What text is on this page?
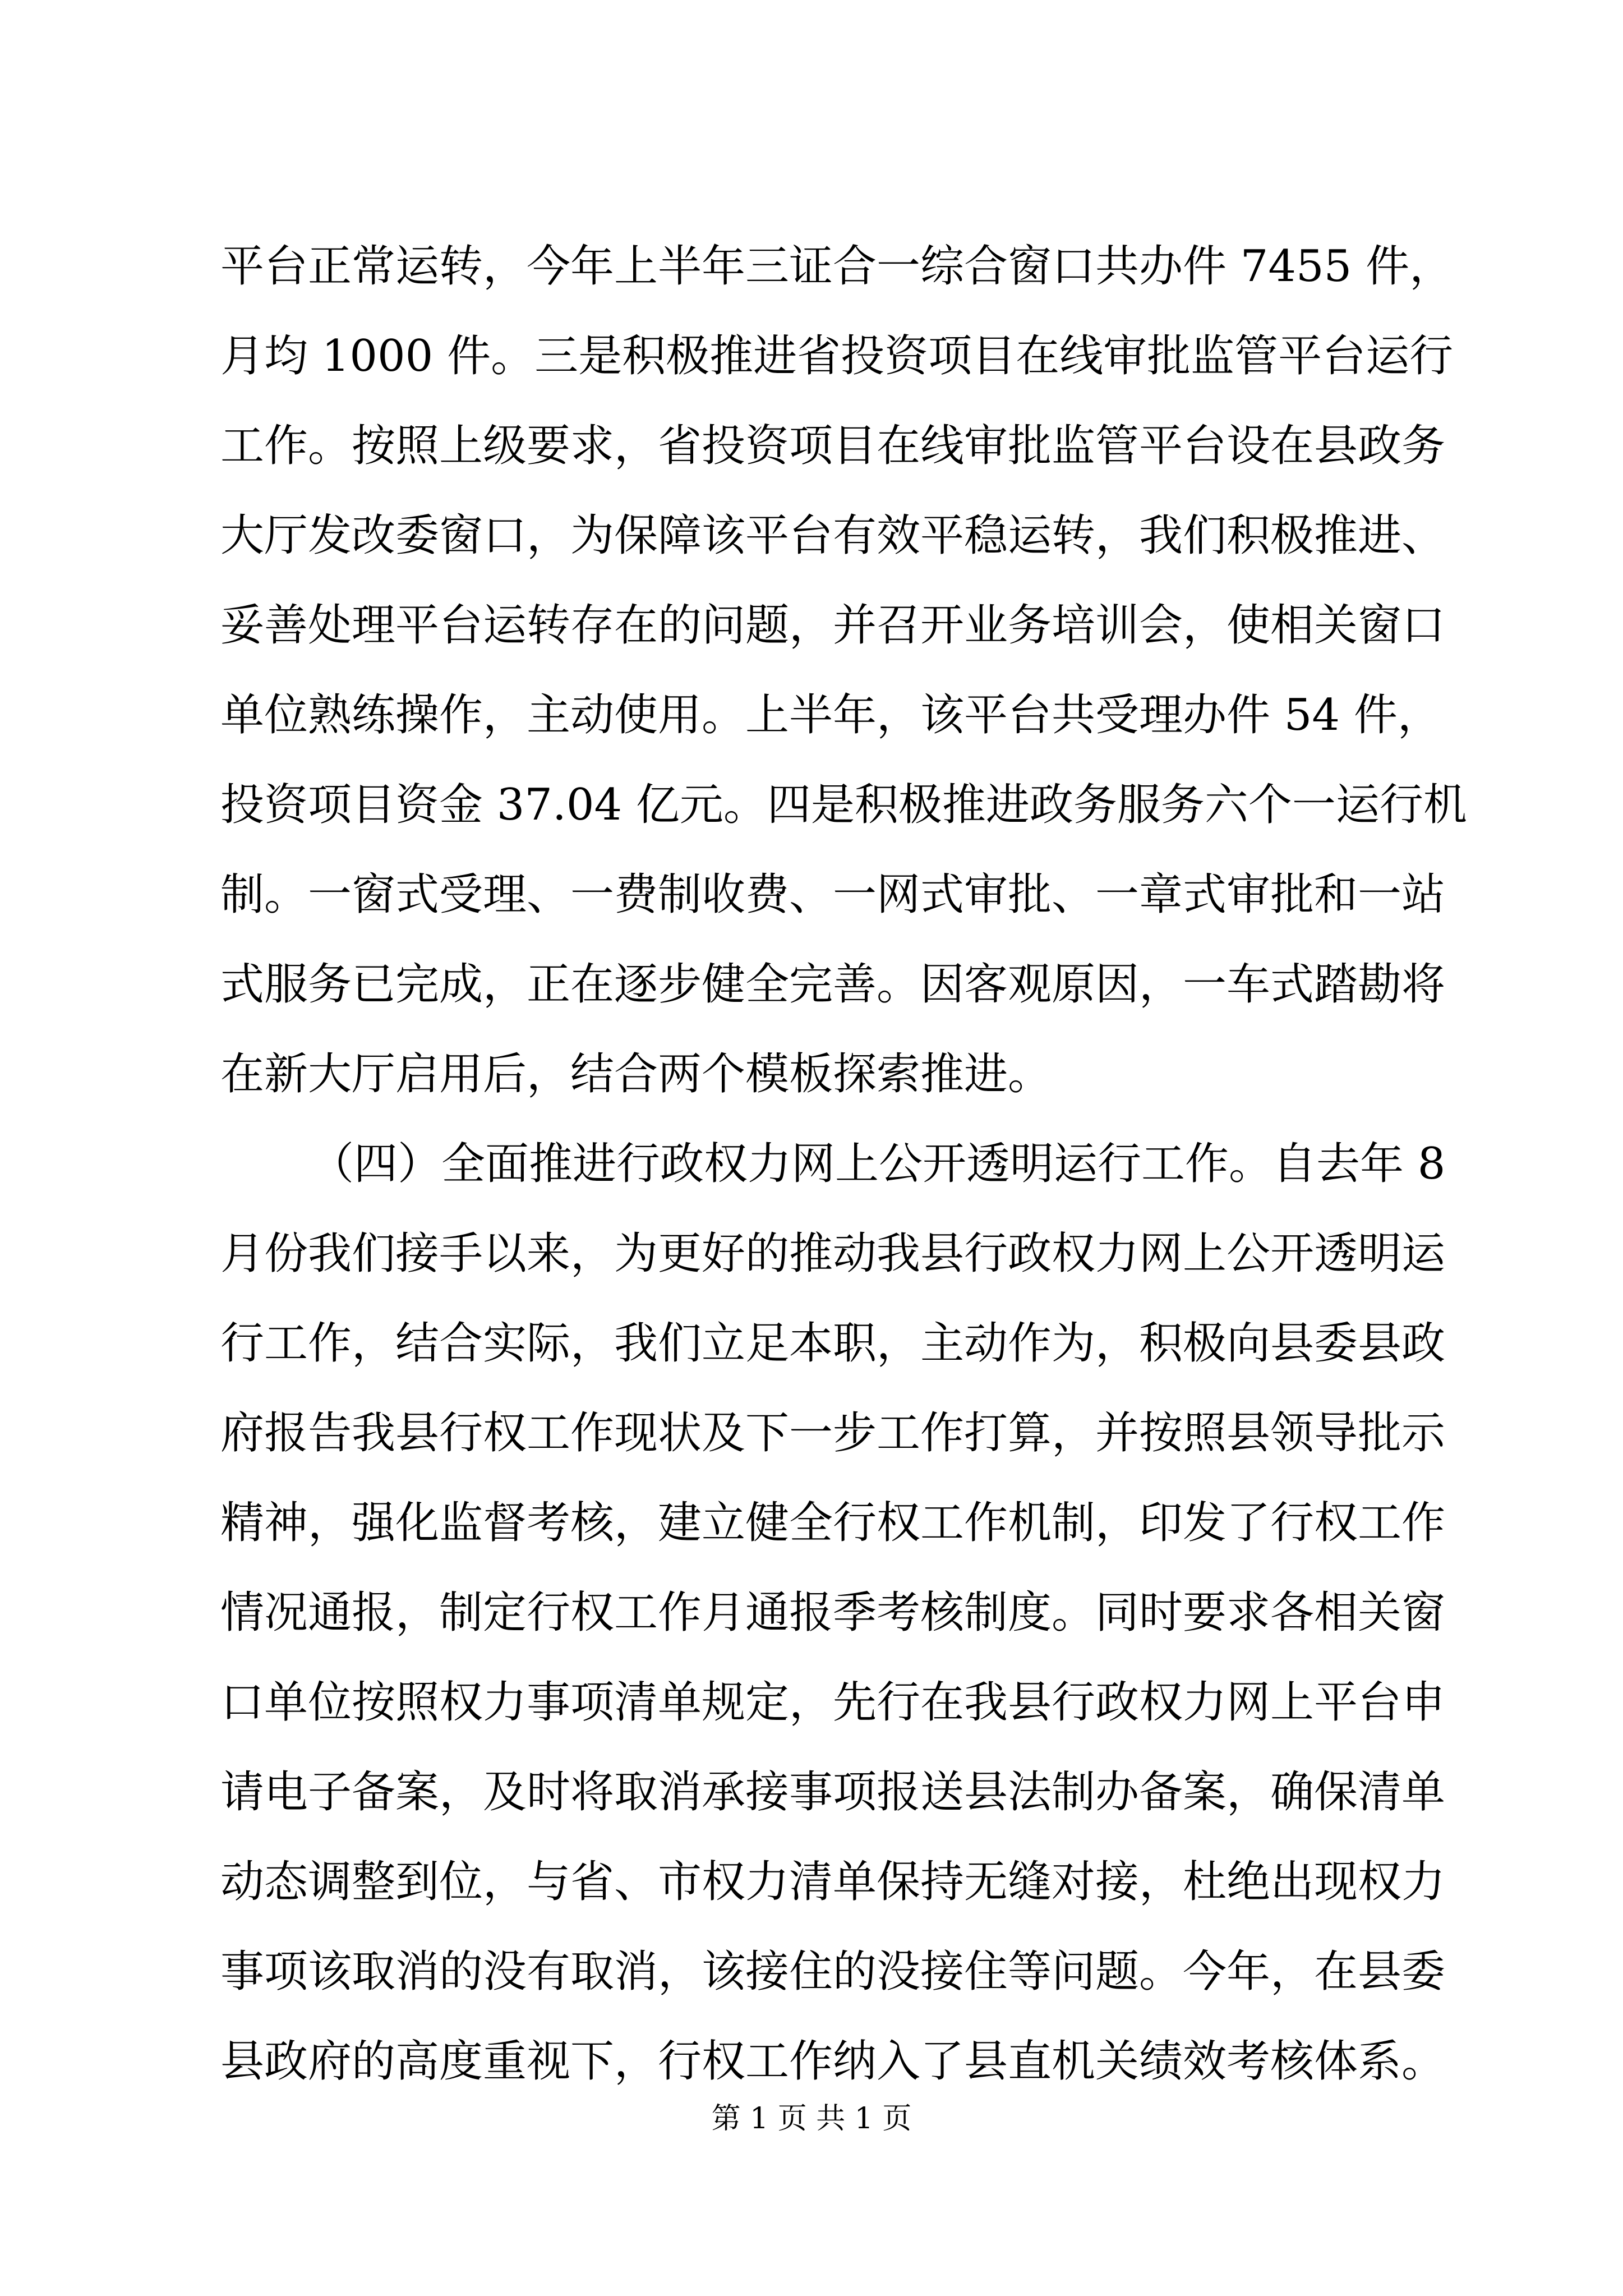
平台正常运转，今年上半年三证合一综合窗口共办件 7455 件，
月均 1000 件。三是积极推进省投资项目在线审批监管平台运行
工作。按照上级要求，省投资项目在线审批监管平台设在县政务
大厅发改委窗口，为保障该平台有效平稳运转，我们积极推进、
妥善处理平台运转存在的问题，并召开业务培训会，使相关窗口
单位熟练操作，主动使用。上半年，该平台共受理办件 54 件，
投资项目资金 37.04 亿元。四是积极推进政务服务六个一运行机
制。一窗式受理、一费制收费、一网式审批、一章式审批和一站
式服务已完成，正在逐步健全完善。因客观原因，一车式踏勘将
在新大厅启用后，结合两个模板探索推进。
（四）全面推进行政权力网上公开透明运行工作。自去年 8
月份我们接手以来，为更好的推动我县行政权力网上公开透明运
行工作，结合实际，我们立足本职，主动作为，积极向县委县政
府报告我县行权工作现状及下一步工作打算，并按照县领导批示
精神，强化监督考核，建立健全行权工作机制，印发了行权工作
情况通报，制定行权工作月通报季考核制度。同时要求各相关窗
口单位按照权力事项清单规定，先行在我县行政权力网上平台申
请电子备案，及时将取消承接事项报送县法制办备案，确保清单
动态调整到位，与省、市权力清单保持无缝对接，杜绝出现权力
事项该取消的没有取消，该接住的没接住等问题。今年，在县委
县政府的高度重视下，行权工作纳入了县直机关绩效考核体系。
第 1 页 共 1 页
